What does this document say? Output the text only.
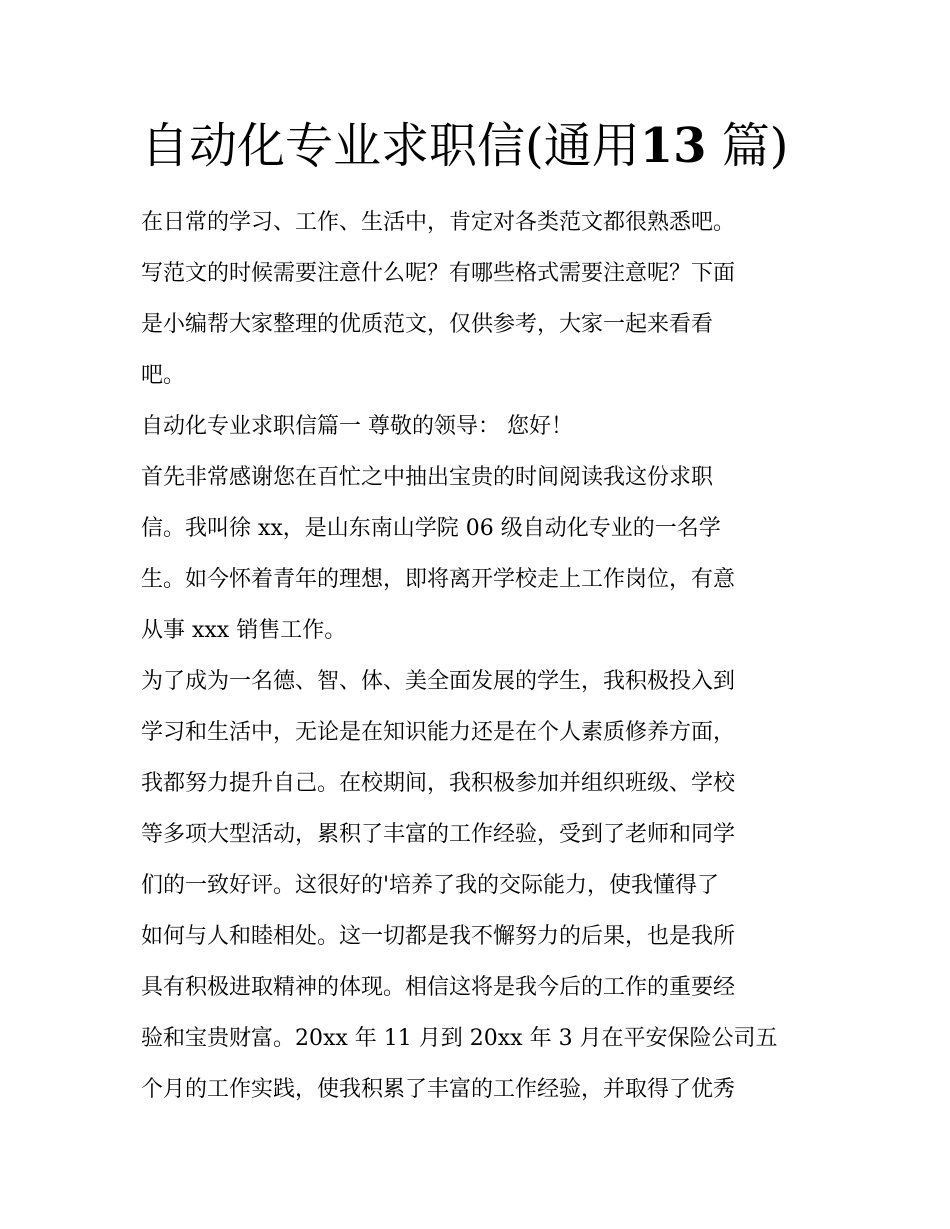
自动化专业求职信(通用13 篇)
在日常的学习、工作、生活中，肯定对各类范文都很熟悉吧。
写范文的时候需要注意什么呢？有哪些格式需要注意呢？下面
是小编帮大家整理的优质范文，仅供参考，大家一起来看看
吧。
自动化专业求职信篇一 尊敬的领导： 您好！
首先非常感谢您在百忙之中抽出宝贵的时间阅读我这份求职
信。我叫徐 xx，是山东南山学院 06 级自动化专业的一名学
生。如今怀着青年的理想，即将离开学校走上工作岗位，有意
从事 xxx 销售工作。
为了成为一名德、智、体、美全面发展的学生，我积极投入到
学习和生活中，无论是在知识能力还是在个人素质修养方面，
我都努力提升自己。在校期间，我积极参加并组织班级、学校
等多项大型活动，累积了丰富的工作经验，受到了老师和同学
们的一致好评。这很好的'培养了我的交际能力，使我懂得了
如何与人和睦相处。这一切都是我不懈努力的后果，也是我所
具有积极进取精神的体现。相信这将是我今后的工作的重要经
验和宝贵财富。20xx 年 11 月到 20xx 年 3 月在平安保险公司五
个月的工作实践，使我积累了丰富的工作经验，并取得了优秀
